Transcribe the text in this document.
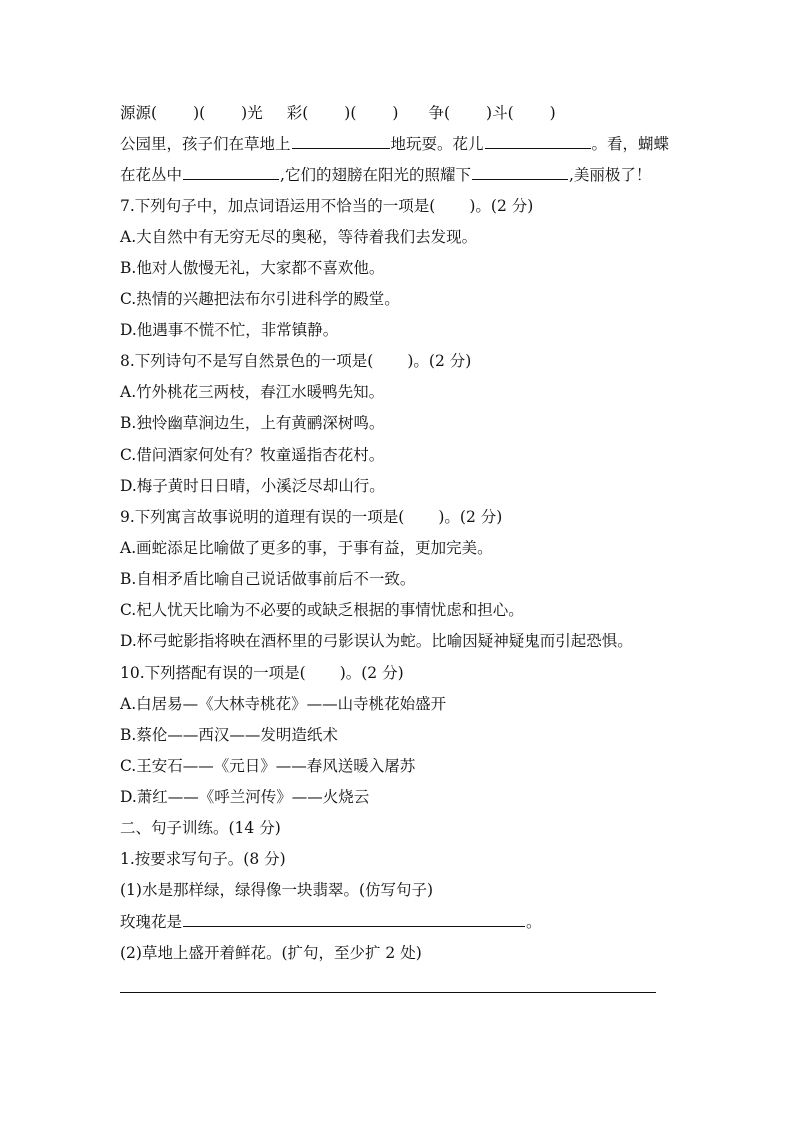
源源( )( )光 彩( )( ) 争( )斗( )
公园里，孩子们在草地上	地玩耍。花儿	。看，蝴蝶
在花丛中	,它们的翅膀在阳光的照耀下	,美丽极了！
7.下列句子中，加点词语运用不恰当的一项是( )。(2 分)
A.大自然中有无穷无尽的奥秘，等待着我们去发现。
B.他对人傲慢无礼，大家都不喜欢他。
C.热情的兴趣把法布尔引进科学的殿堂。
D.他遇事不慌不忙，非常镇静。
8.下列诗句不是写自然景色的一项是( )。(2 分)
A.竹外桃花三两枝，春江水暖鸭先知。
B.独怜幽草涧边生，上有黄鹂深树鸣。
C.借问酒家何处有？牧童遥指杏花村。
D.梅子黄时日日晴，小溪泛尽却山行。
9.下列寓言故事说明的道理有误的一项是( )。(2 分)
A.画蛇添足比喻做了更多的事，于事有益，更加完美。
B.自相矛盾比喻自己说话做事前后不一致。
C.杞人忧天比喻为不必要的或缺乏根据的事情忧虑和担心。
D.杯弓蛇影指将映在酒杯里的弓影误认为蛇。比喻因疑神疑鬼而引起恐惧。
10.下列搭配有误的一项是( )。(2 分)
A.白居易—《大林寺桃花》——山寺桃花始盛开
B.蔡伦——西汉——发明造纸术
C.王安石——《元日》——春风送暖入屠苏
D.萧红——《呼兰河传》——火烧云
二、句子训练。(14 分)
1.按要求写句子。(8 分)
(1)水是那样绿，绿得像一块翡翠。(仿写句子)
玫瑰花是	。
(2)草地上盛开着鲜花。(扩句，至少扩 2 处)
